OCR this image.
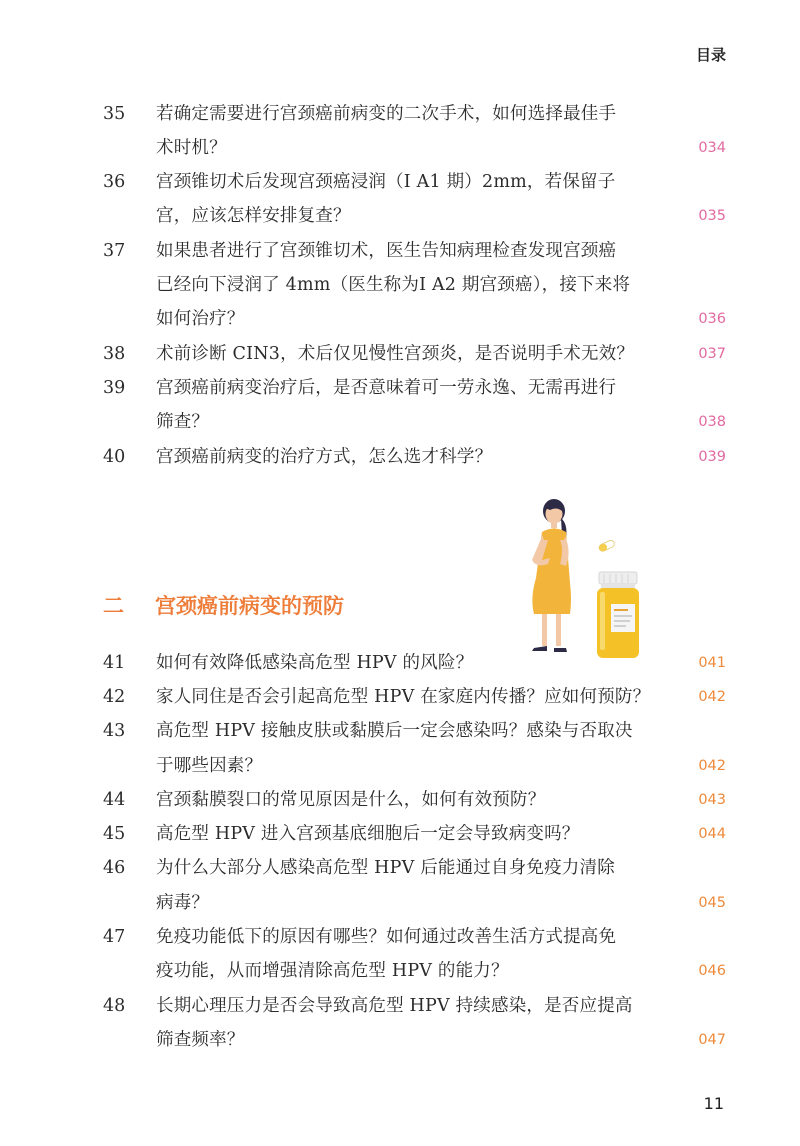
目录
35	若确定需要进行宫颈癌前病变的二次手术，如何选择最佳手
术时机？	034
36	宫颈锥切术后发现宫颈癌浸润（Ⅰ A1 期）2mm，若保留子
宫，应该怎样安排复查？	035
37	如果患者进行了宫颈锥切术，医生告知病理检查发现宫颈癌
已经向下浸润了 4mm（医生称为Ⅰ A2 期宫颈癌），接下来将
如何治疗？	036
38	术前诊断 CIN3，术后仅见慢性宫颈炎，是否说明手术无效？	037
39	宫颈癌前病变治疗后，是否意味着可一劳永逸、无需再进行
筛查？	038
40	宫颈癌前病变的治疗方式，怎么选才科学？	039
二 宫颈癌前病变的预防
41	如何有效降低感染高危型 HPV 的风险？	041
42	家人同住是否会引起高危型 HPV 在家庭内传播？应如何预防？	042
43	高危型 HPV 接触皮肤或黏膜后一定会感染吗？感染与否取决
于哪些因素？	042
44	宫颈黏膜裂口的常见原因是什么，如何有效预防？	043
45	高危型 HPV 进入宫颈基底细胞后一定会导致病变吗？	044
46	为什么大部分人感染高危型 HPV 后能通过自身免疫力清除
病毒？	045
47	免疫功能低下的原因有哪些？如何通过改善生活方式提高免
疫功能，从而增强清除高危型 HPV 的能力？	046
48	长期心理压力是否会导致高危型 HPV 持续感染，是否应提高
筛查频率？	047
11
